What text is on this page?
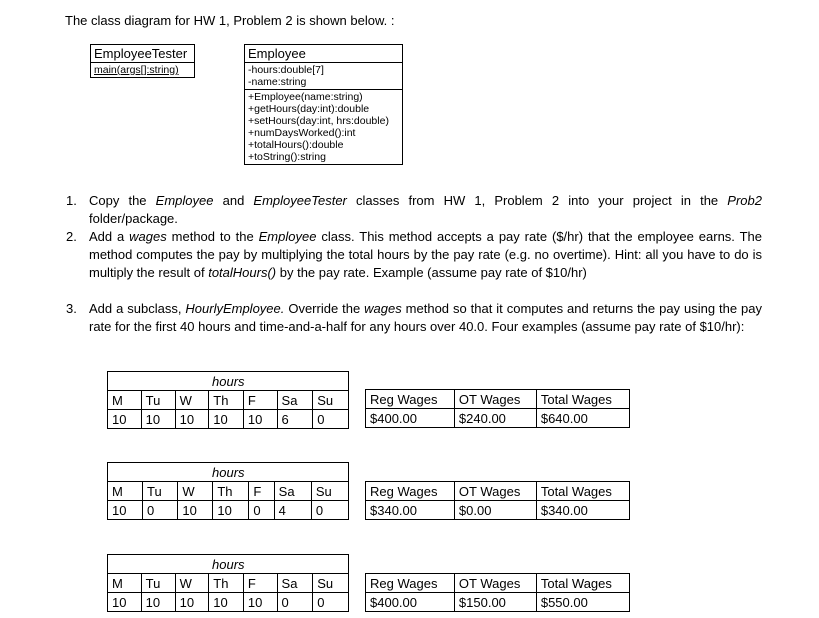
The class diagram for HW 1, Problem 2 is shown below. :
EmployeeTester
main(args[]:string)
Employee
-hours:double[7]
-name:string
+Employee(name:string)
+getHours(day:int):double
+setHours(day:int, hrs:double)
+numDaysWorked():int
+totalHours():double
+toString():string
1. Copy the Employee and EmployeeTester classes from HW 1, Problem 2 into your project in the Prob2 folder/package.
2. Add a wages method to the Employee class. This method accepts a pay rate ($/hr) that the employee earns. The method computes the pay by multiplying the total hours by the pay rate (e.g. no overtime). Hint: all you have to do is multiply the result of totalHours() by the pay rate. Example (assume pay rate of $10/hr)
3. Add a subclass, HourlyEmployee. Override the wages method so that it computes and returns the pay using the pay rate for the first 40 hours and time-and-a-half for any hours over 40.0. Four examples (assume pay rate of $10/hr):
hours						
M	Tu	W	Th	F	Sa	Su
10	10	10	10	10	6	0
Reg Wages	OT Wages	Total Wages
$400.00	$240.00	$640.00
hours						
M	Tu	W	Th	F	Sa	Su
10	0	10	10	0	4	0
Reg Wages	OT Wages	Total Wages
$340.00	$0.00	$340.00
hours						
M	Tu	W	Th	F	Sa	Su
10	10	10	10	10	0	0
Reg Wages	OT Wages	Total Wages
$400.00	$150.00	$550.00
